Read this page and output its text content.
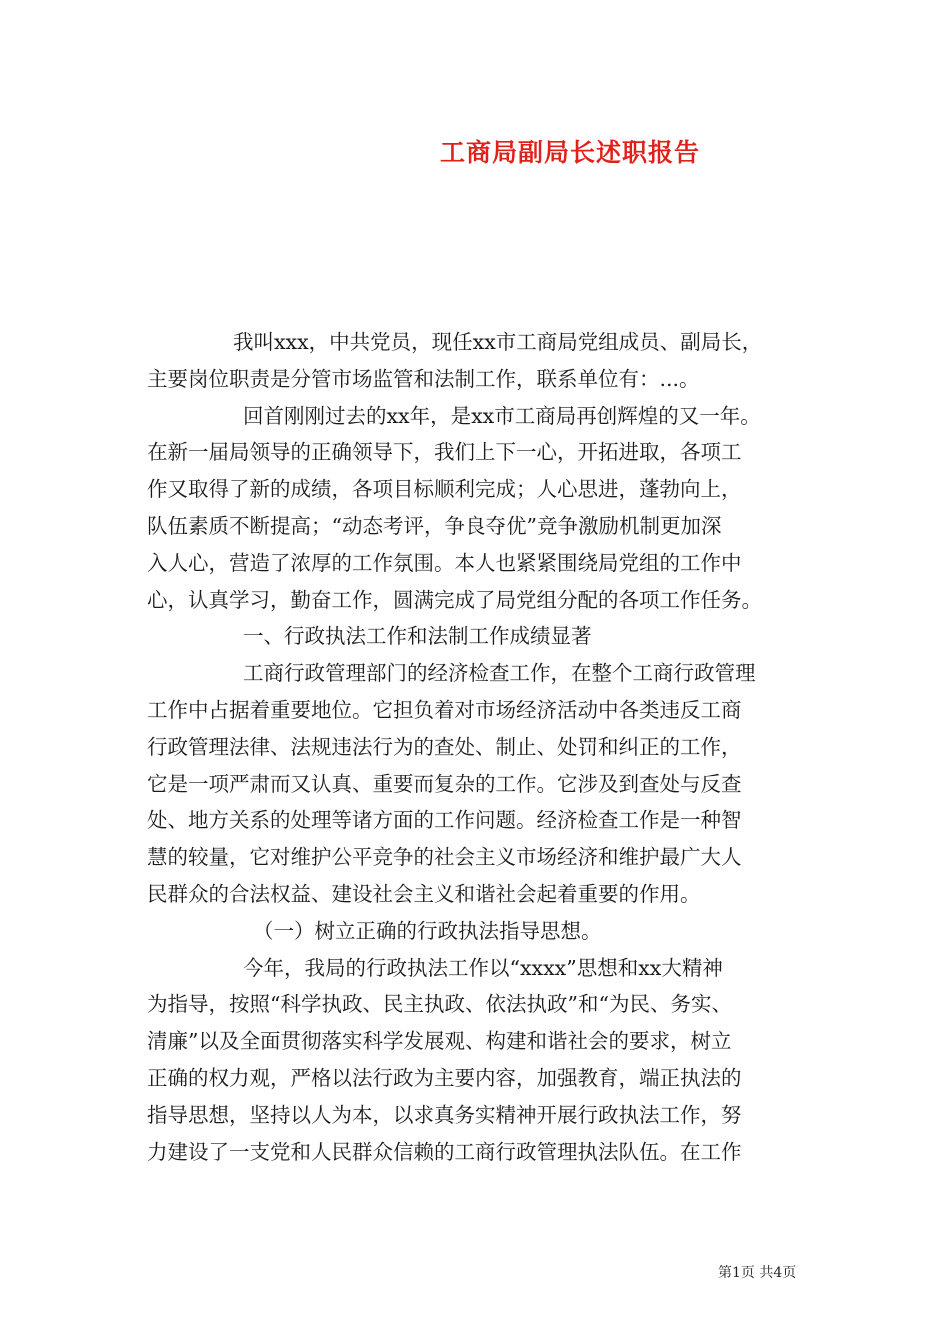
工商局副局长述职报告
我叫xxx，中共党员，现任xx市工商局党组成员、副局长，
主要岗位职责是分管市场监管和法制工作，联系单位有：...。
回首刚刚过去的xx年，是xx市工商局再创辉煌的又一年。
在新一届局领导的正确领导下，我们上下一心，开拓进取，各项工
作又取得了新的成绩，各项目标顺利完成；人心思进，蓬勃向上，
队伍素质不断提高；“动态考评，争良夺优”竞争激励机制更加深
入人心，营造了浓厚的工作氛围。本人也紧紧围绕局党组的工作中
心，认真学习，勤奋工作，圆满完成了局党组分配的各项工作任务。
一、行政执法工作和法制工作成绩显著
工商行政管理部门的经济检查工作，在整个工商行政管理
工作中占据着重要地位。它担负着对市场经济活动中各类违反工商
行政管理法律、法规违法行为的查处、制止、处罚和纠正的工作，
它是一项严肃而又认真、重要而复杂的工作。它涉及到查处与反查
处、地方关系的处理等诸方面的工作问题。经济检查工作是一种智
慧的较量，它对维护公平竞争的社会主义市场经济和维护最广大人
民群众的合法权益、建设社会主义和谐社会起着重要的作用。
（一）树立正确的行政执法指导思想。
今年，我局的行政执法工作以“xxxx”思想和xx大精神
为指导，按照“科学执政、民主执政、依法执政”和“为民、务实、
清廉”以及全面贯彻落实科学发展观、构建和谐社会的要求，树立
正确的权力观，严格以法行政为主要内容，加强教育，端正执法的
指导思想，坚持以人为本，以求真务实精神开展行政执法工作，努
力建设了一支党和人民群众信赖的工商行政管理执法队伍。在工作
第1页 共4页
